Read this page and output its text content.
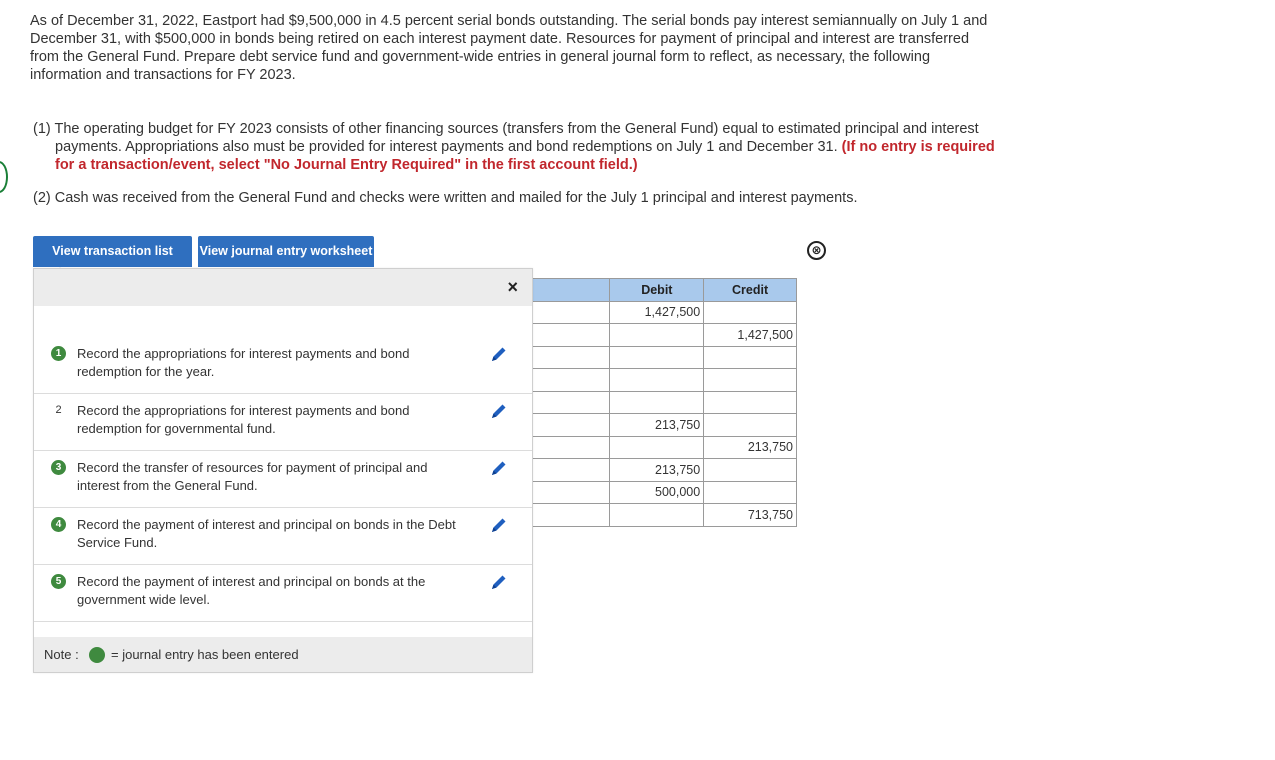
As of December 31, 2022, Eastport had $9,500,000 in 4.5 percent serial bonds outstanding. The serial bonds pay interest semiannually on July 1 and December 31, with $500,000 in bonds being retired on each interest payment date. Resources for payment of principal and interest are transferred from the General Fund. Prepare debt service fund and government-wide entries in general journal form to reflect, as necessary, the following information and transactions for FY 2023.
(1) The operating budget for FY 2023 consists of other financing sources (transfers from the General Fund) equal to estimated principal and interest payments. Appropriations also must be provided for interest payments and bond redemptions on July 1 and December 31. (If no entry is required for a transaction/event, select "No Journal Entry Required" in the first account field.)
(2) Cash was received from the General Fund and checks were written and mailed for the July 1 principal and interest payments.
View transaction list	View journal entry worksheet	⊗
	Debit	Credit
	1,427,500	
		1,427,500

	213,750	
		213,750
	213,750	
	500,000	
		713,750
×
1	Record the appropriations for interest payments and bond redemption for the year.
2	Record the appropriations for interest payments and bond redemption for governmental fund.
3	Record the transfer of resources for payment of principal and interest from the General Fund.
4	Record the payment of interest and principal on bonds in the Debt Service Fund.
5	Record the payment of interest and principal on bonds at the government wide level.
Note : = journal entry has been entered
